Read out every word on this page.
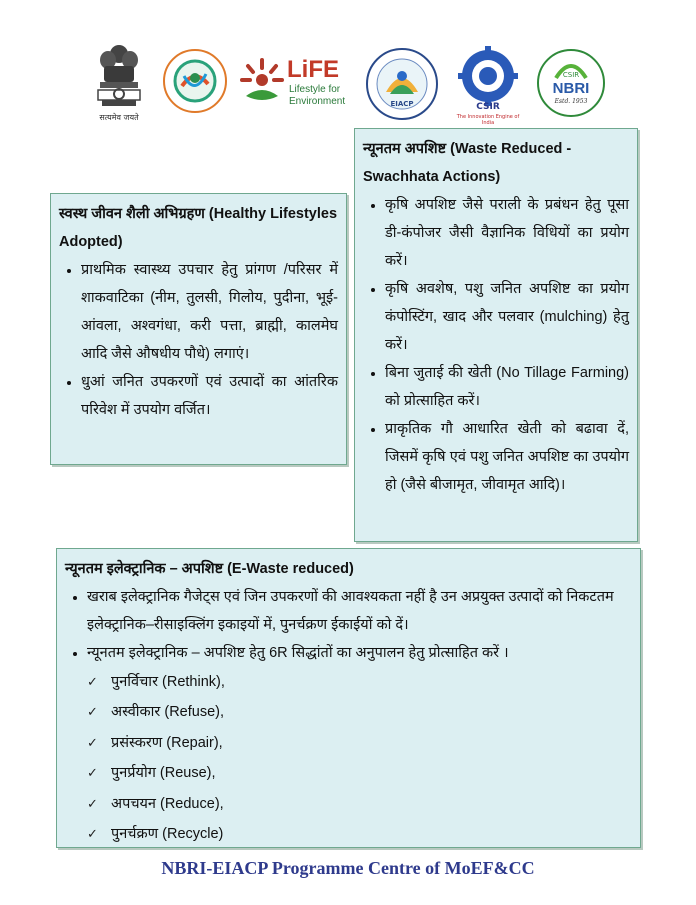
सत्यमेव जयते
LiFE
Lifestyle for
Environment	EIACP	CSIR
The Innovation Engine of India
CSIR
NBRI
Estd. 1953
स्वस्थ जीवन शैली अभिग्रहण (Healthy Lifestyles Adopted)
• प्राथमिक स्वास्थ्य उपचार हेतु प्रांगण /परिसर में शाकवाटिका (नीम, तुलसी, गिलोय, पुदीना, भूई-आंवला, अश्वगंधा, करी पत्ता, ब्राह्मी, कालमेघ आदि जैसे औषधीय पौधे) लगाएं।
• धुआं जनित उपकरणों एवं उत्पादों का आंतरिक परिवेश में उपयोग वर्जित।
न्यूनतम अपशिष्ट (Waste Reduced - Swachhata Actions)
• कृषि अपशिष्ट जैसे पराली के प्रबंधन हेतु पूसा डी-कंपोजर जैसी वैज्ञानिक विधियों का प्रयोग करें।
• कृषि अवशेष, पशु जनित अपशिष्ट का प्रयोग कंपोस्टिंग, खाद और पलवार (mulching) हेतु करें।
• बिना जुताई की खेती (No Tillage Farming) को प्रोत्साहित करें।
• प्राकृतिक गौ आधारित खेती को बढावा दें, जिसमें कृषि एवं पशु जनित अपशिष्ट का उपयोग हो (जैसे बीजामृत, जीवामृत आदि)।
न्यूनतम इलेक्ट्रानिक – अपशिष्ट (E-Waste reduced)
• खराब इलेक्ट्रानिक गैजेट्स एवं जिन उपकरणों की आवश्यकता नहीं है उन अप्रयुक्त उत्पादों को निकटतम इलेक्ट्रानिक–रीसाइक्लिंग इकाइयों में, पुनर्चक्रण ईकाईयों को दें।
• न्यूनतम इलेक्ट्रानिक – अपशिष्ट हेतु 6R सिद्धांतों का अनुपालन हेतु प्रोत्साहित करें ।
✓ पुनर्विचार (Rethink),
✓ अस्वीकार (Refuse),
✓ प्रसंस्करण (Repair),
✓ पुनर्प्रयोग (Reuse),
✓ अपचयन (Reduce),
✓ पुनर्चक्रण (Recycle)
NBRI-EIACP Programme Centre of MoEF&CC
